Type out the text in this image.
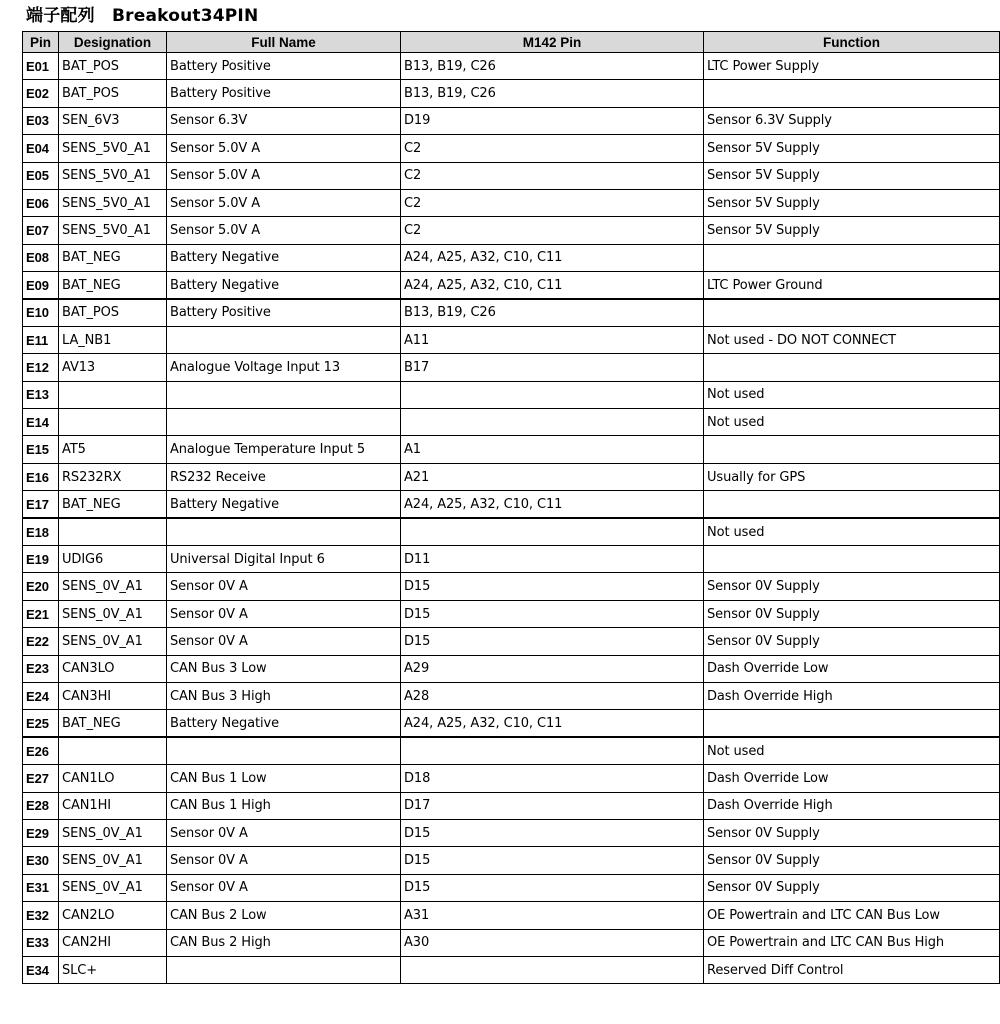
端子配列　Breakout34PIN
Pin	Designation	Full Name	M142 Pin	Function
E01	BAT_POS	Battery Positive	B13, B19, C26	LTC Power Supply
E02	BAT_POS	Battery Positive	B13, B19, C26	
E03	SEN_6V3	Sensor 6.3V	D19	Sensor 6.3V Supply
E04	SENS_5V0_A1	Sensor 5.0V A	C2	Sensor 5V Supply
E05	SENS_5V0_A1	Sensor 5.0V A	C2	Sensor 5V Supply
E06	SENS_5V0_A1	Sensor 5.0V A	C2	Sensor 5V Supply
E07	SENS_5V0_A1	Sensor 5.0V A	C2	Sensor 5V Supply
E08	BAT_NEG	Battery Negative	A24, A25, A32, C10, C11	
E09	BAT_NEG	Battery Negative	A24, A25, A32, C10, C11	LTC Power Ground
E10	BAT_POS	Battery Positive	B13, B19, C26	
E11	LA_NB1		A11	Not used - DO NOT CONNECT
E12	AV13	Analogue Voltage Input 13	B17	
E13				Not used
E14				Not used
E15	AT5	Analogue Temperature Input 5	A1	
E16	RS232RX	RS232 Receive	A21	Usually for GPS
E17	BAT_NEG	Battery Negative	A24, A25, A32, C10, C11	
E18				Not used
E19	UDIG6	Universal Digital Input 6	D11	
E20	SENS_0V_A1	Sensor 0V A	D15	Sensor 0V Supply
E21	SENS_0V_A1	Sensor 0V A	D15	Sensor 0V Supply
E22	SENS_0V_A1	Sensor 0V A	D15	Sensor 0V Supply
E23	CAN3LO	CAN Bus 3 Low	A29	Dash Override Low
E24	CAN3HI	CAN Bus 3 High	A28	Dash Override High
E25	BAT_NEG	Battery Negative	A24, A25, A32, C10, C11	
E26				Not used
E27	CAN1LO	CAN Bus 1 Low	D18	Dash Override Low
E28	CAN1HI	CAN Bus 1 High	D17	Dash Override High
E29	SENS_0V_A1	Sensor 0V A	D15	Sensor 0V Supply
E30	SENS_0V_A1	Sensor 0V A	D15	Sensor 0V Supply
E31	SENS_0V_A1	Sensor 0V A	D15	Sensor 0V Supply
E32	CAN2LO	CAN Bus 2 Low	A31	OE Powertrain and LTC CAN Bus Low
E33	CAN2HI	CAN Bus 2 High	A30	OE Powertrain and LTC CAN Bus High
E34	SLC+			Reserved Diff Control
